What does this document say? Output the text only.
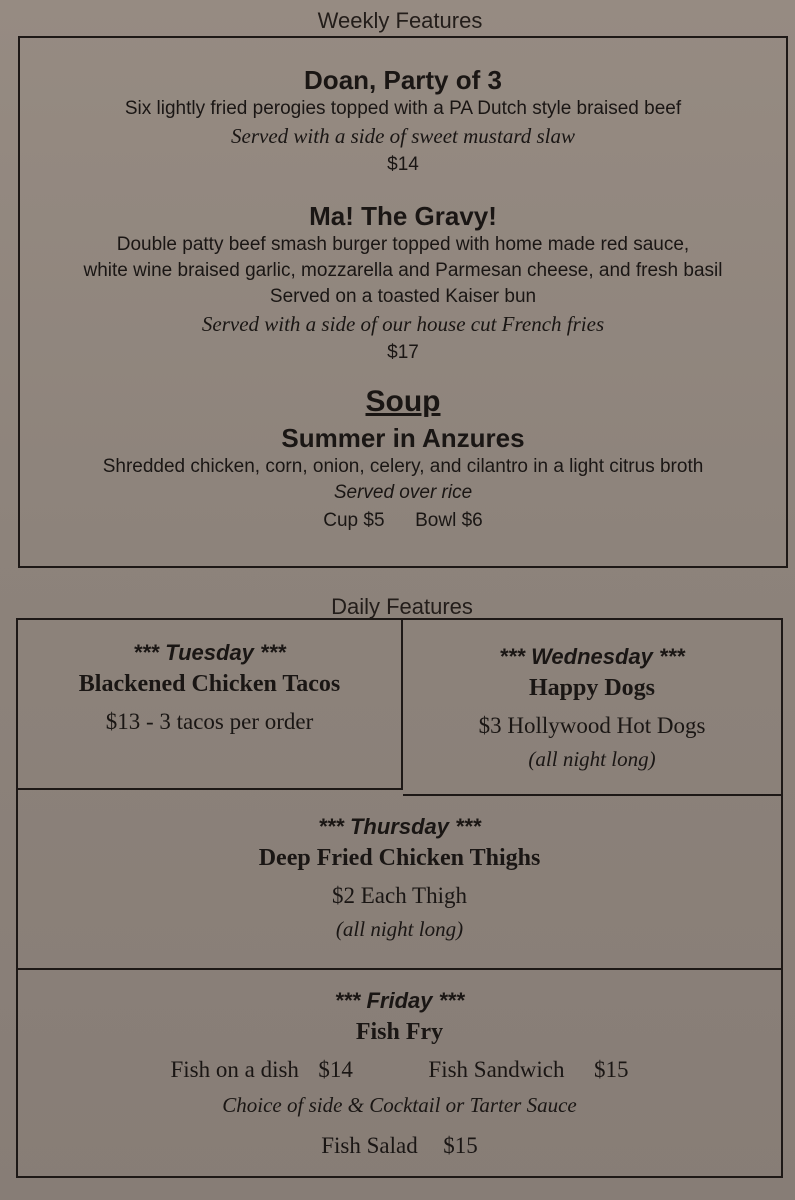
Weekly Features
Doan, Party of 3
Six lightly fried perogies topped with a PA Dutch style braised beef
Served with a side of sweet mustard slaw
$14
Ma! The Gravy!
Double patty beef smash burger topped with home made red sauce,
white wine braised garlic, mozzarella and Parmesan cheese, and fresh basil
Served on a toasted Kaiser bun
Served with a side of our house cut French fries
$17
Soup
Summer in Anzures
Shredded chicken, corn, onion, celery, and cilantro in a light citrus broth
Served over rice
Cup $5 Bowl $6
Daily Features
*** Tuesday ***
Blackened Chicken Tacos
$13 - 3 tacos per order
*** Wednesday ***
Happy Dogs
$3 Hollywood Hot Dogs
(all night long)
*** Thursday ***
Deep Fried Chicken Thighs
$2 Each Thigh
(all night long)
*** Friday ***
Fish Fry
Fish on a dish $14	Fish Sandwich $15
Choice of side & Cocktail or Tarter Sauce
Fish Salad $15
